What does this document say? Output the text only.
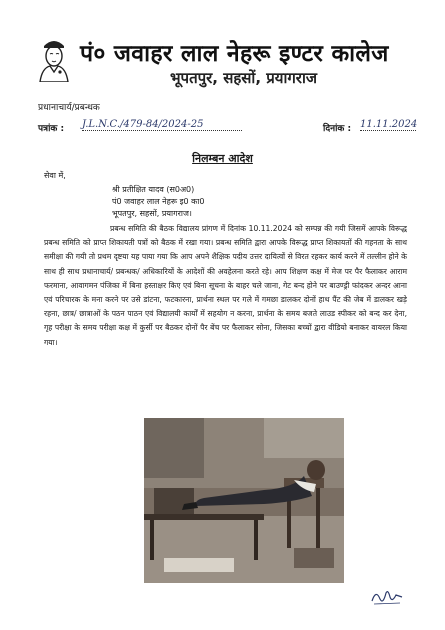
पं० जवाहर लाल नेहरू इण्टर कालेज
भूपतपुर, सहसों, प्रयागराज
प्रधानाचार्य/प्रबन्धक
पत्रांक : J.L.N.C./479-84/2024-25	दिनांक : 11.11.2024
निलम्बन आदेश
सेवा में,
श्री प्रतीक्षित यादव (स0अ0)
पं0 जवाहर लाल नेहरू इ0 का0
भूपतपुर, सहसों, प्रयागराज।

प्रबन्ध समिति की बैठक विद्यालय प्रांगण में दिनांक 10.11.2024 को सम्पन्न की गयी जिसमें आपके विरूद्ध प्रबन्ध समिति को प्राप्त शिकायती पत्रों को बैठक में रखा गया। प्रबन्ध समिति द्वारा आपके विरूद्ध प्राप्त शिकायतों की गहनता के साथ समीक्षा की गयी तो प्रथम दृष्टया यह पाया गया कि आप अपने शैक्षिक पदीय उत्तर दायित्वों से विरत रहकर कार्य करने में तल्लीन होने के साथ ही साथ प्रधानाचार्य/ प्रबन्धक/ अधिकारियों के आदेशों की अवहेलना करते रहे। आप शिक्षण कक्ष में मेज पर पैर फैलाकर आराम फरमाना, आवागमन पंजिका में बिना हस्ताक्षर किए एवं बिना सूचना के बाहर चले जाना, गेट बन्द होने पर बाउण्ड्री फांदकर अन्दर आना एवं परिचारक के मना करने पर उसे डांटना, फटकारना, प्रार्थना स्थल पर गले में गमछा डालकर दोनों हाथ पैंट की जेब में डालकर खड़े रहना, छात्र/ छात्राओं के पठन पाठन एवं विद्यालयी कार्यों में सहयोग न करना, प्रार्थना के समय बजते लाउड स्पीकर को बन्द कर देना, गृह परीक्षा के समय परीक्षा कक्ष में कुर्सी पर बैठकर दोनों पैर बेंच पर फैलाकर सोना, जिसका बच्चों द्वारा वीडियो बनाकर वायरल किया गया।
